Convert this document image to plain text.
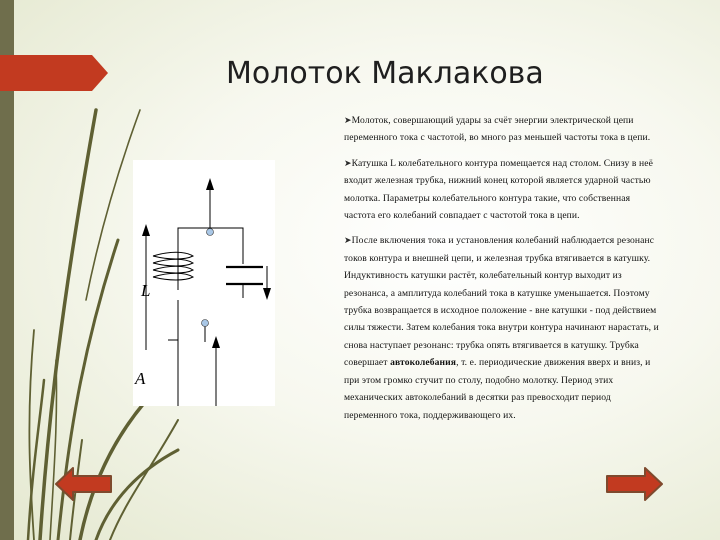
Молоток Маклакова
L
A

➤Молоток, совершающий удары за счёт энергии электрической цепи переменного тока с частотой, во много раз меньшей частоты тока в цепи.

➤Катушка L колебательного контура помещается над столом. Снизу в неё входит железная трубка, нижний конец которой является ударной частью молотка. Параметры колебательного контура такие, что собственная частота его колебаний совпадает с частотой тока в цепи.

➤После включения тока и установления колебаний наблюдается резонанс токов контура и внешней цепи, и железная трубка втягивается в катушку. Индуктивность катушки растёт, колебательный контур выходит из резонанса, а амплитуда колебаний тока в катушке уменьшается. Поэтому трубка возвращается в исходное положение - вне катушки - под действием силы тяжести. Затем колебания тока внутри контура начинают нарастать, и снова наступает резонанс: трубка опять втягивается в катушку. Трубка совершает автоколебания, т. е. периодические движения вверх и вниз, и при этом громко стучит по столу, подобно молотку. Период этих механических автоколебаний в десятки раз превосходит период переменного тока, поддерживающего их.
